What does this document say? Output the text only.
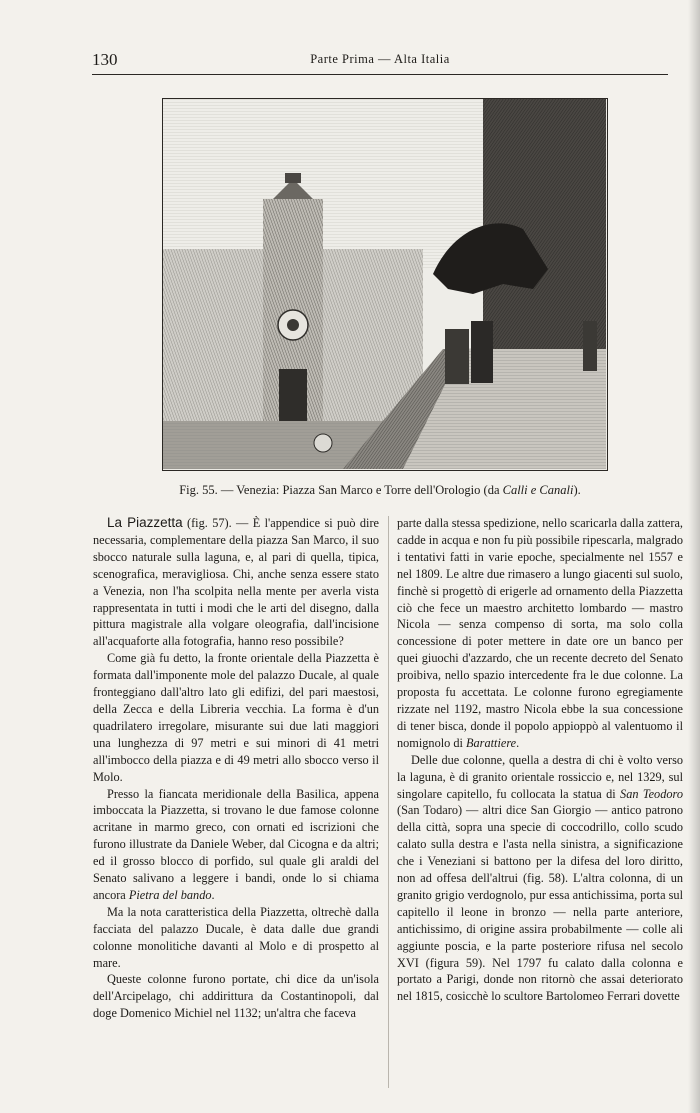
130	Parte Prima — Alta Italia
Fig. 55. — Venezia: Piazza San Marco e Torre dell'Orologio (da Calli e Canali).

La Piazzetta (fig. 57). — È l'appendice si può dire necessaria, complementare della piazza San Marco, il suo sbocco naturale sulla laguna, e, al pari di quella, tipica, scenografica, meravigliosa. Chi, anche senza essere stato a Venezia, non l'ha scolpita nella mente per averla vista rappresentata in tutti i modi che le arti del disegno, dalla pittura magistrale alla volgare oleografia, dall'incisione all'acquaforte alla fotografia, hanno reso possibile?

Come già fu detto, la fronte orientale della Piazzetta è formata dall'imponente mole del palazzo Ducale, al quale fronteggiano dall'altro lato gli edifizi, del pari maestosi, della Zecca e della Libreria vecchia. La forma è d'un quadrilatero irregolare, misurante sui due lati maggiori una lunghezza di 97 metri e sui minori di 41 metri all'imbocco della piazza e di 49 metri allo sbocco verso il Molo.

Presso la fiancata meridionale della Basilica, appena imboccata la Piazzetta, si trovano le due famose colonne acritane in marmo greco, con ornati ed iscrizioni che furono illustrate da Daniele Weber, dal Cicogna e da altri; ed il grosso blocco di porfido, sul quale gli araldi del Senato salivano a leggere i bandi, onde lo si chiama ancora Pietra del bando.

Ma la nota caratteristica della Piazzetta, oltrechè dalla facciata del palazzo Ducale, è data dalle due grandi colonne monolitiche davanti al Molo e di prospetto al mare.

Queste colonne furono portate, chi dice da un'isola dell'Arcipelago, chi addirittura da Costantinopoli, dal doge Domenico Michiel nel 1132; un'altra che faceva

parte dalla stessa spedizione, nello scaricarla dalla zattera, cadde in acqua e non fu più possibile ripescarla, malgrado i tentativi fatti in varie epoche, specialmente nel 1557 e nel 1809. Le altre due rimasero a lungo giacenti sul suolo, finchè si progettò di erigerle ad ornamento della Piazzetta ciò che fece un maestro architetto lombardo — mastro Nicola — senza compenso di sorta, ma solo colla concessione di poter mettere in date ore un banco per quei giuochi d'azzardo, che un recente decreto del Senato proibiva, nello spazio intercedente fra le due colonne. La proposta fu accettata. Le colonne furono egregiamente rizzate nel 1192, mastro Nicola ebbe la sua concessione di tener bisca, donde il popolo appioppò al valentuomo il nomignolo di Barattiere.

Delle due colonne, quella a destra di chi è volto verso la laguna, è di granito orientale rossiccio e, nel 1329, sul singolare capitello, fu collocata la statua di San Teodoro (San Todaro) — altri dice San Giorgio — antico patrono della città, sopra una specie di coccodrillo, collo scudo calato sulla destra e l'asta nella sinistra, a significazione che i Veneziani si battono per la difesa del loro diritto, non ad offesa dell'altrui (fig. 58). L'altra colonna, di un granito grigio verdognolo, pur essa antichissima, porta sul capitello il leone in bronzo — nella parte anteriore, antichissimo, di origine assira probabilmente — colle ali aggiunte poscia, e la parte posteriore rifusa nel secolo XVI (figura 59). Nel 1797 fu calato dalla colonna e portato a Parigi, donde non ritornò che assai deteriorato nel 1815, cosicchè lo scultore Bartolomeo Ferrari dovette
